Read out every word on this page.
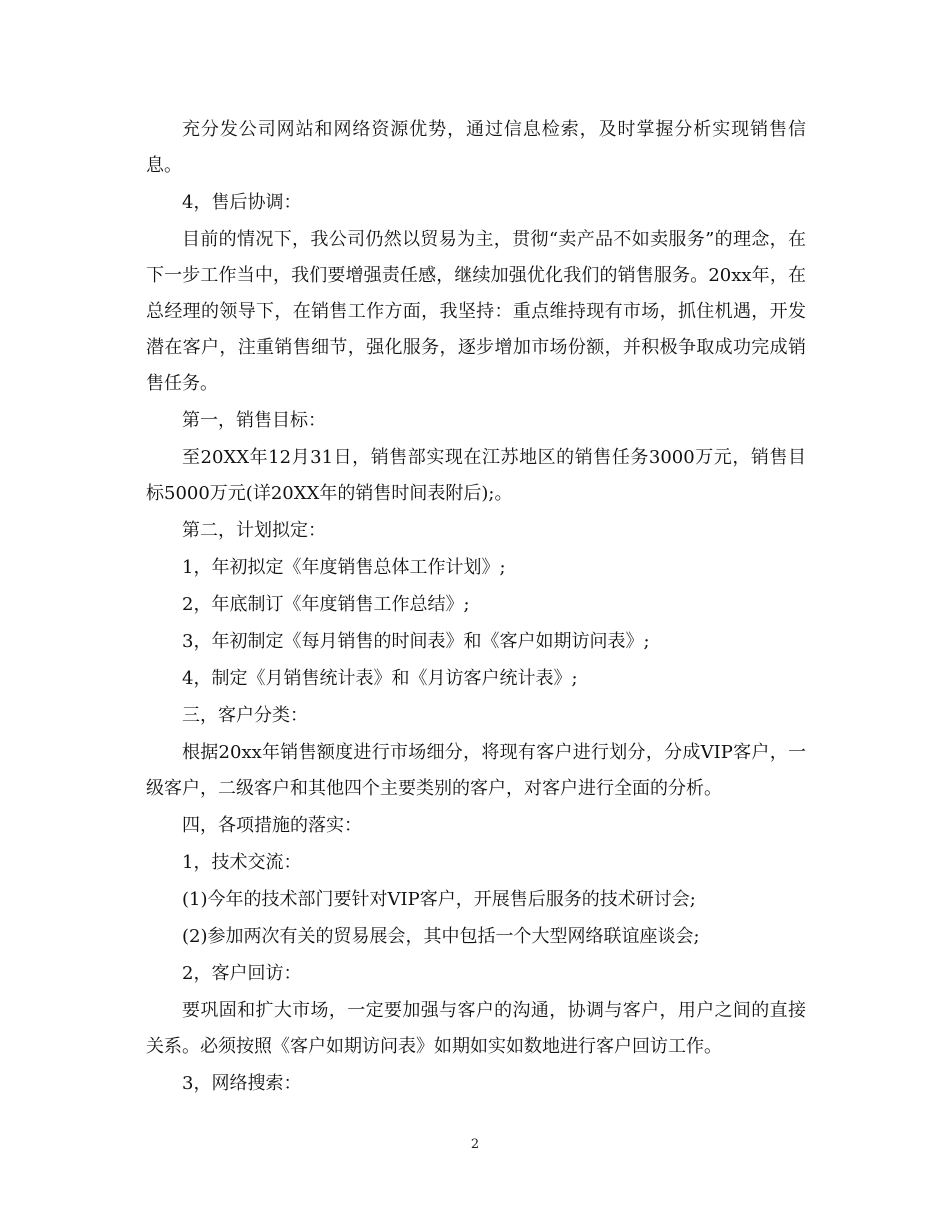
充分发公司网站和网络资源优势，通过信息检索，及时掌握分析实现销售信息。

4，售后协调：

目前的情况下，我公司仍然以贸易为主，贯彻“卖产品不如卖服务”的理念，在下一步工作当中，我们要增强责任感，继续加强优化我们的销售服务。20xx年，在总经理的领导下，在销售工作方面，我坚持：重点维持现有市场，抓住机遇，开发潜在客户，注重销售细节，强化服务，逐步增加市场份额，并积极争取成功完成销售任务。

第一，销售目标：

至20XX年12月31日，销售部实现在江苏地区的销售任务3000万元，销售目标5000万元(详20XX年的销售时间表附后);。

第二，计划拟定：

1，年初拟定《年度销售总体工作计划》;

2，年底制订《年度销售工作总结》;

3，年初制定《每月销售的时间表》和《客户如期访问表》;

4，制定《月销售统计表》和《月访客户统计表》;

三，客户分类：

根据20xx年销售额度进行市场细分，将现有客户进行划分，分成VIP客户，一级客户，二级客户和其他四个主要类别的客户，对客户进行全面的分析。

四，各项措施的落实：

1，技术交流：

(1)今年的技术部门要针对VIP客户，开展售后服务的技术研讨会;

(2)参加两次有关的贸易展会，其中包括一个大型网络联谊座谈会;

2，客户回访：

要巩固和扩大市场，一定要加强与客户的沟通，协调与客户，用户之间的直接关系。必须按照《客户如期访问表》如期如实如数地进行客户回访工作。

3，网络搜索：

2
